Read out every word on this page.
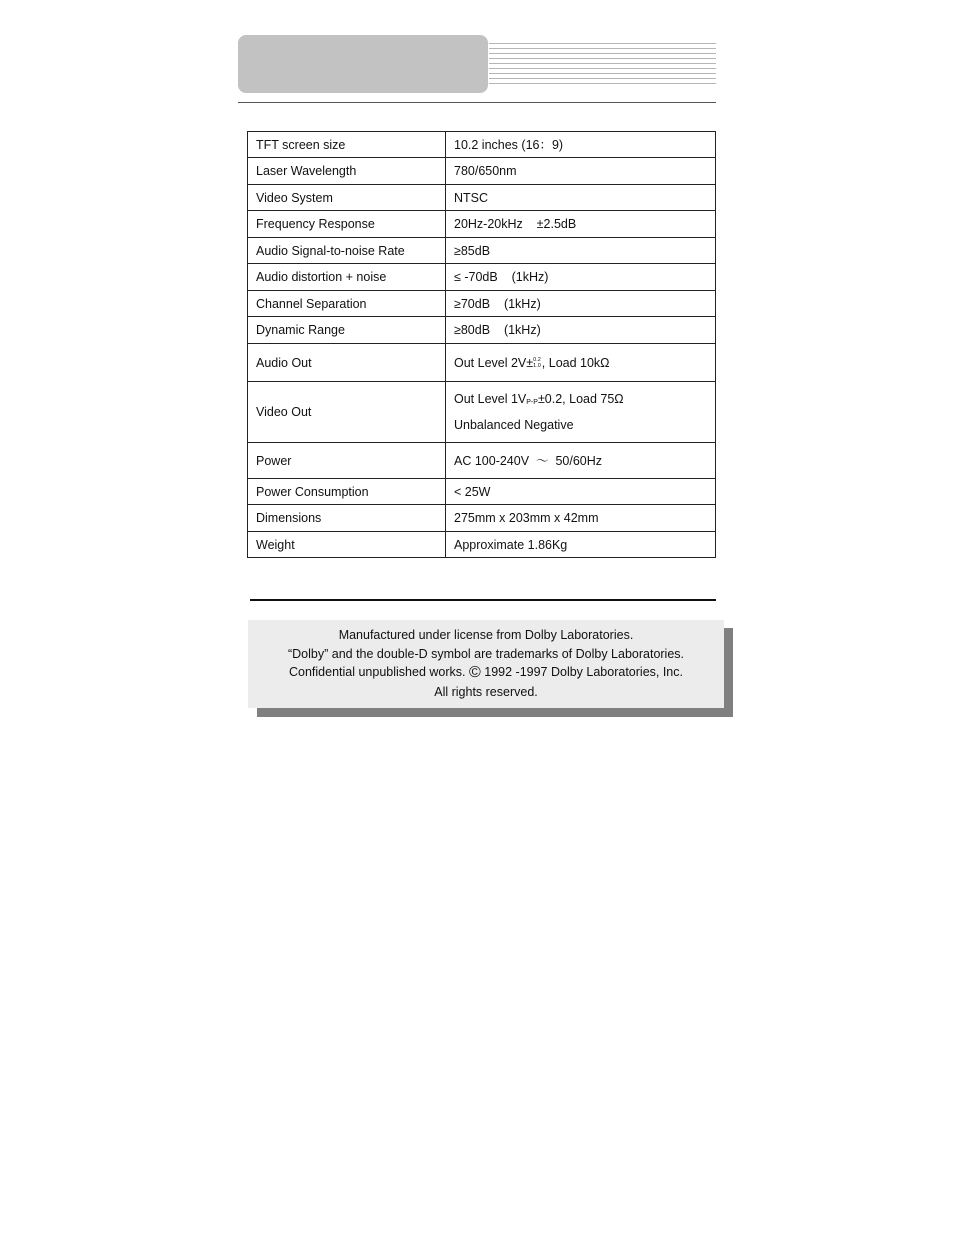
TFT screen size	10.2 inches (16：9)
Laser Wavelength	780/650nm
Video System	NTSC
Frequency Response	20Hz-20kHz    ±2.5dB
Audio Signal-to-noise Rate	≥85dB
Audio distortion + noise	≤ -70dB    (1kHz)
Channel Separation	≥70dB    (1kHz)
Dynamic Range	≥80dB    (1kHz)
Audio Out	Out Level 2V± 0.2
1.0 , Load 10kΩ
Video Out	Out Level 1VP-P±0.2, Load 75Ω
Unbalanced Negative

Power	AC 100-240V  ～  50/60Hz
Power Consumption	< 25W
Dimensions	275mm x 203mm x 42mm
Weight	Approximate 1.86Kg
Manufactured under license from Dolby Laboratories.
“Dolby” and the double-D symbol are trademarks of Dolby Laboratories.
Confidential unpublished works. © 1992 -1997 Dolby Laboratories, Inc.
All rights reserved.
